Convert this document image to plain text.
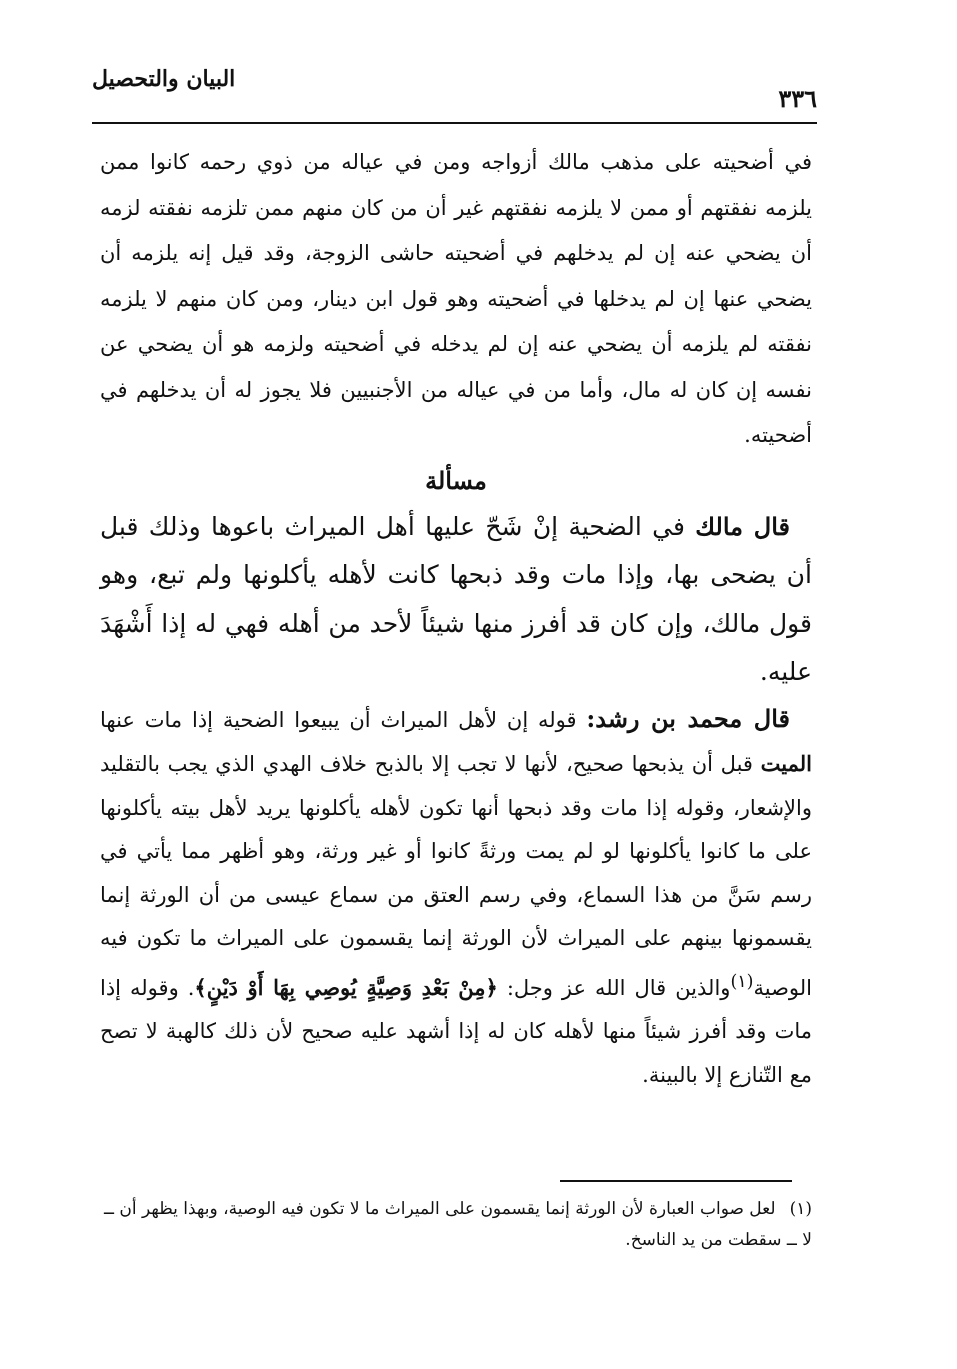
البيان والتحصيل
٣٣٦

في أضحيته على مذهب مالك أزواجه ومن في عياله من ذوي رحمه كانوا ممن يلزمه نفقتهم أو ممن لا يلزمه نفقتهم غير أن من كان منهم ممن تلزمه نفقته لزمه أن يضحي عنه إن لم يدخلهم في أضحيته حاشى الزوجة، وقد قيل إنه يلزمه أن يضحي عنها إن لم يدخلها في أضحيته وهو قول ابن دينار، ومن كان منهم لا يلزمه نفقته لم يلزمه أن يضحي عنه إن لم يدخله في أضحيته ولزمه هو أن يضحي عن نفسه إن كان له مال، وأما من في عياله من الأجنبيين فلا يجوز له أن يدخلهم في أضحيته.

مسألة

قال مالك في الضحية إنْ شَحّ عليها أهل الميراث باعوها وذلك قبل أن يضحى بها، وإذا مات وقد ذبحها كانت لأهله يأكلونها ولم تبع، وهو قول مالك، وإن كان قد أفرز منها شيئاً لأحد من أهله فهي له إذا أَشْهَدَ عليه.

قال محمد بن رشد: قوله إن لأهل الميراث أن يبيعوا الضحية إذا مات عنها الميت قبل أن يذبحها صحيح، لأنها لا تجب إلا بالذبح خلاف الهدي الذي يجب بالتقليد والإشعار، وقوله إذا مات وقد ذبحها أنها تكون لأهله يأكلونها يريد لأهل بيته يأكلونها على ما كانوا يأكلونها لو لم يمت ورثةً كانوا أو غير ورثة، وهو أظهر مما يأتي في رسم سَنَّ من هذا السماع، وفي رسم العتق من سماع عيسى من أن الورثة إنما يقسمونها بينهم على الميراث لأن الورثة إنما يقسمون على الميراث ما تكون فيه الوصية$^{(١)}$والذين قال الله عز وجل: ﴿مِنْ بَعْدِ وَصِيَّةٍ يُوصِي بِهَا أَوْ دَيْنٍ﴾. وقوله إذا مات وقد أفرز شيئاً منها لأهله كان له إذا أشهد عليه صحيح لأن ذلك كالهبة لا تصح مع التّنازع إلا بالبينة.

(١)لعل صواب العبارة لأن الورثة إنما يقسمون على الميراث ما لا تكون فيه الوصية، وبهذا يظهر أن ــ لا ــ سقطت من يد الناسخ.
